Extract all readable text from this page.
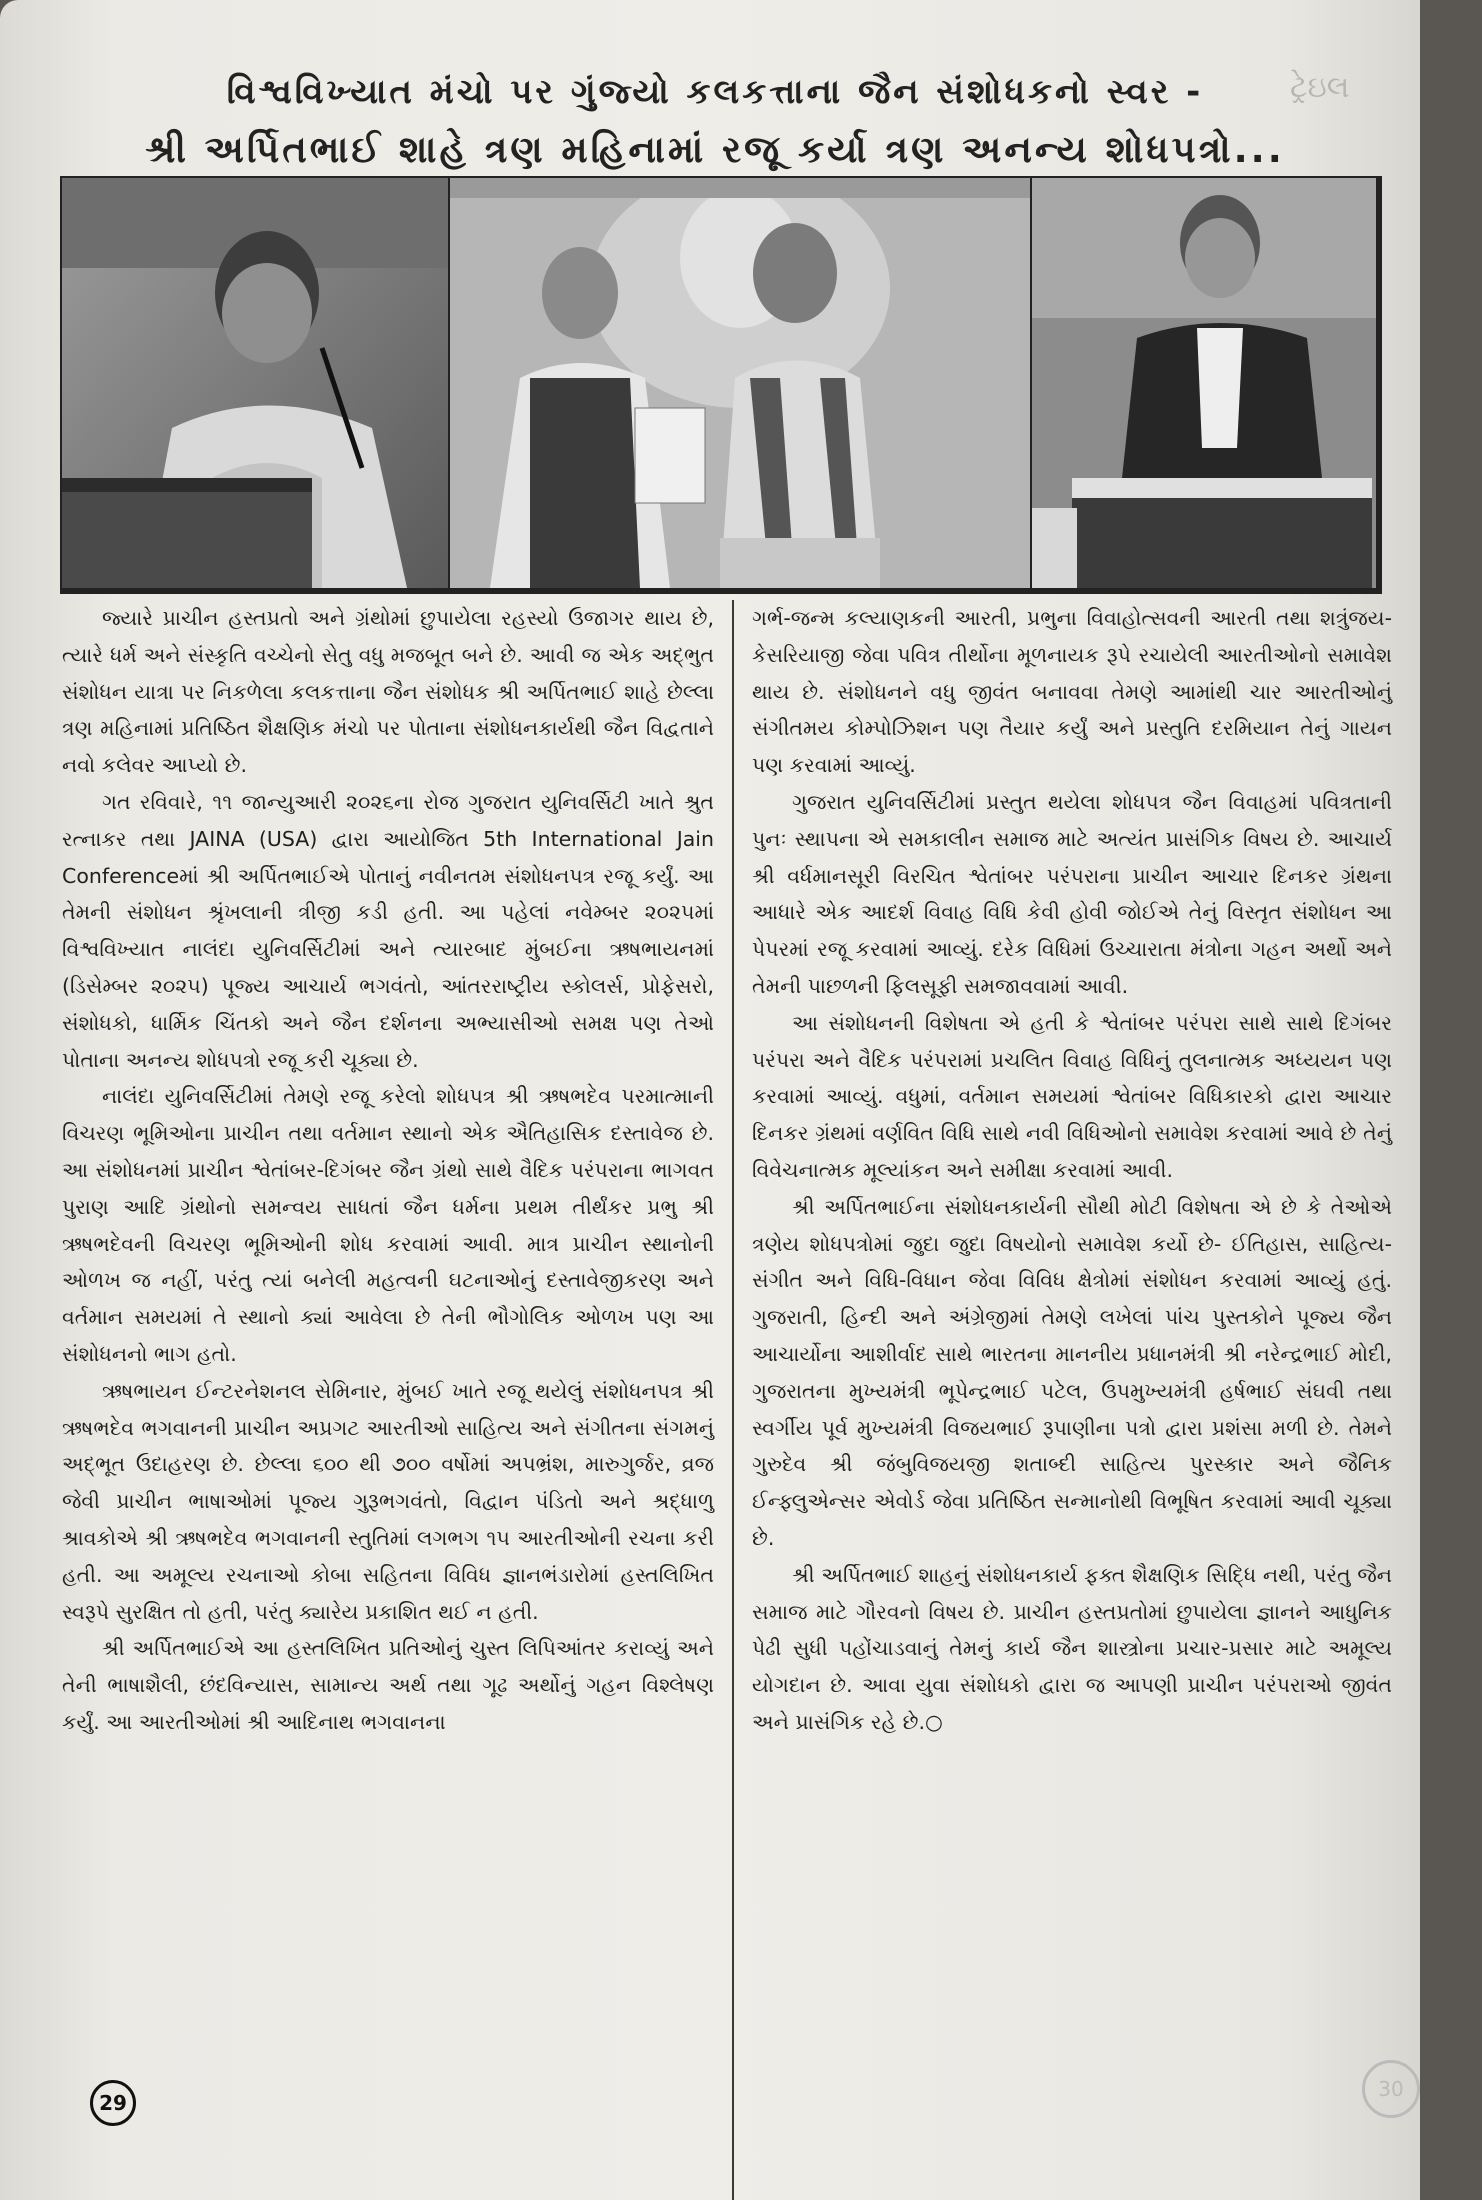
ટ્રેઇલ
વિશ્વવિખ્યાત મંચો પર ગુંજ્યો કલકત્તાના જૈન સંશોધકનો સ્વર -
શ્રી અર્પિતભાઈ શાહે ત્રણ મહિનામાં રજૂ કર્યા ત્રણ અનન્ય શોધપત્રો...

જ્યારે પ્રાચીન હસ્તપ્રતો અને ગ્રંથોમાં છુપાયેલા રહસ્યો ઉજાગર થાય છે, ત્યારે ધર્મ અને સંસ્કૃતિ વચ્ચેનો સેતુ વધુ મજબૂત બને છે. આવી જ એક અદ્ભુત સંશોધન યાત્રા પર નિકળેલા કલકત્તાના જૈન સંશોધક શ્રી અર્પિતભાઈ શાહે છેલ્લા ત્રણ મહિનામાં પ્રતિષ્ઠિત શૈક્ષણિક મંચો પર પોતાના સંશોધનકાર્યથી જૈન વિદ્વતાને નવો કલેવર આપ્યો છે.

ગત રવિવારે, ૧૧ જાન્યુઆરી ૨૦૨૬ના રોજ ગુજરાત યુનિવર્સિટી ખાતે શ્રુત રત્નાકર તથા JAINA (USA) દ્વારા આયોજિત 5th International Jain Conferenceમાં શ્રી અર્પિતભાઈએ પોતાનું નવીનતમ સંશોધનપત્ર રજૂ કર્યું. આ તેમની સંશોધન શ્રૃંખલાની ત્રીજી કડી હતી. આ પહેલાં નવેમ્બર ૨૦૨૫માં વિશ્વવિખ્યાત નાલંદા યુનિવર્સિટીમાં અને ત્યારબાદ મુંબઈના ઋષભાયનમાં (ડિસેમ્બર ૨૦૨૫) પૂજ્ય આચાર્ય ભગવંતો, આંતરરાષ્ટ્રીય સ્કોલર્સ, પ્રોફેસરો, સંશોધકો, ધાર્મિક ચિંતકો અને જૈન દર્શનના અભ્યાસીઓ સમક્ષ પણ તેઓ પોતાના અનન્ય શોધપત્રો રજૂ કરી ચૂક્યા છે.

નાલંદા યુનિવર્સિટીમાં તેમણે રજૂ કરેલો શોધપત્ર શ્રી ઋષભદેવ પરમાત્માની વિચરણ ભૂમિઓના પ્રાચીન તથા વર્તમાન સ્થાનો એક ઐતિહાસિક દસ્તાવેજ છે. આ સંશોધનમાં પ્રાચીન શ્વેતાંબર-દિગંબર જૈન ગ્રંથો સાથે વૈદિક પરંપરાના ભાગવત પુરાણ આદિ ગ્રંથોનો સમન્વય સાધતાં જૈન ધર્મના પ્રથમ તીર્થંકર પ્રભુ શ્રી ઋષભદેવની વિચરણ ભૂમિઓની શોધ કરવામાં આવી. માત્ર પ્રાચીન સ્થાનોની ઓળખ જ નહીં, પરંતુ ત્યાં બનેલી મહત્વની ઘટનાઓનું દસ્તાવેજીકરણ અને વર્તમાન સમયમાં તે સ્થાનો ક્યાં આવેલા છે તેની ભૌગોલિક ઓળખ પણ આ સંશોધનનો ભાગ હતો.

ઋષભાયન ઈન્ટરનેશનલ સેમિનાર, મુંબઈ ખાતે રજૂ થયેલું સંશોધનપત્ર શ્રી ઋષભદેવ ભગવાનની પ્રાચીન અપ્રગટ આરતીઓ સાહિત્ય અને સંગીતના સંગમનું અદ્ભૂત ઉદાહરણ છે. છેલ્લા ૬૦૦ થી ૭૦૦ વર્ષોમાં અપભ્રંશ, મારુગુર્જર, વ્રજ જેવી પ્રાચીન ભાષાઓમાં પૂજ્ય ગુરૂભગવંતો, વિદ્વાન પંડિતો અને શ્રદ્ધાળુ શ્રાવકોએ શ્રી ઋષભદેવ ભગવાનની સ્તુતિમાં લગભગ ૧૫ આરતીઓની રચના કરી હતી. આ અમૂલ્ય રચનાઓ કોબા સહિતના વિવિધ જ્ઞાનભંડારોમાં હસ્તલિખિત સ્વરૂપે સુરક્ષિત તો હતી, પરંતુ ક્યારેય પ્રકાશિત થઈ ન હતી.

શ્રી અર્પિતભાઈએ આ હસ્તલિખિત પ્રતિઓનું ચુસ્ત લિપિઆંતર કરાવ્યું અને તેની ભાષાશૈલી, છંદવિન્યાસ, સામાન્ય અર્થ તથા ગૂઢ અર્થોનું ગહન વિશ્લેષણ કર્યું. આ આરતીઓમાં શ્રી આદિનાથ ભગવાનના

ગર્ભ-જન્મ કલ્યાણકની આરતી, પ્રભુના વિવાહોત્સવની આરતી તથા શત્રુંજય-કેસરિયાજી જેવા પવિત્ર તીર્થોના મૂળનાયક રૂપે રચાયેલી આરતીઓનો સમાવેશ થાય છે. સંશોધનને વધુ જીવંત બનાવવા તેમણે આમાંથી ચાર આરતીઓનું સંગીતમય કોમ્પોઝિશન પણ તૈયાર કર્યું અને પ્રસ્તુતિ દરમિયાન તેનું ગાયન પણ કરવામાં આવ્યું.

ગુજરાત યુનિવર્સિટીમાં પ્રસ્તુત થયેલા શોધપત્ર જૈન વિવાહમાં પવિત્રતાની પુનઃ સ્થાપના એ સમકાલીન સમાજ માટે અત્યંત પ્રાસંગિક વિષય છે. આચાર્ય શ્રી વર્ધમાનસૂરી વિરચિત શ્વેતાંબર પરંપરાના પ્રાચીન આચાર દિનકર ગ્રંથના આધારે એક આદર્શ વિવાહ વિધિ કેવી હોવી જોઈએ તેનું વિસ્તૃત સંશોધન આ પેપરમાં રજૂ કરવામાં આવ્યું. દરેક વિધિમાં ઉચ્ચારાતા મંત્રોના ગહન અર્થો અને તેમની પાછળની ફિલસૂફી સમજાવવામાં આવી.

આ સંશોધનની વિશેષતા એ હતી કે શ્વેતાંબર પરંપરા સાથે સાથે દિગંબર પરંપરા અને વૈદિક પરંપરામાં પ્રચલિત વિવાહ વિધિનું તુલનાત્મક અધ્યયન પણ કરવામાં આવ્યું. વધુમાં, વર્તમાન સમયમાં શ્વેતાંબર વિધિકારકો દ્વારા આચાર દિનકર ગ્રંથમાં વર્ણવિત વિધિ સાથે નવી વિધિઓનો સમાવેશ કરવામાં આવે છે તેનું વિવેચનાત્મક મૂલ્યાંકન અને સમીક્ષા કરવામાં આવી.

શ્રી અર્પિતભાઈના સંશોધનકાર્યની સૌથી મોટી વિશેષતા એ છે કે તેઓએ ત્રણેય શોધપત્રોમાં જુદા જુદા વિષયોનો સમાવેશ કર્યો છે- ઈતિહાસ, સાહિત્ય-સંગીત અને વિધિ-વિધાન જેવા વિવિધ ક્ષેત્રોમાં સંશોધન કરવામાં આવ્યું હતું. ગુજરાતી, હિન્દી અને અંગ્રેજીમાં તેમણે લખેલાં પાંચ પુસ્તકોને પૂજ્ય જૈન આચાર્યોના આશીર્વાદ સાથે ભારતના માનનીય પ્રધાનમંત્રી શ્રી નરેન્દ્રભાઈ મોદી, ગુજરાતના મુખ્યમંત્રી ભૂપેન્દ્રભાઈ પટેલ, ઉપમુખ્યમંત્રી હર્ષભાઈ સંઘવી તથા સ્વર્ગીય પૂર્વ મુખ્યમંત્રી વિજયભાઈ રૂપાણીના પત્રો દ્વારા પ્રશંસા મળી છે. તેમને ગુરુદેવ શ્રી જંબુવિજયજી શતાબ્દી સાહિત્ય પુરસ્કાર અને જૈનિક ઈન્ફ્લુએન્સર એવોર્ડ જેવા પ્રતિષ્ઠિત સન્માનોથી વિભૂષિત કરવામાં આવી ચૂક્યા છે.

શ્રી અર્પિતભાઈ શાહનું સંશોધનકાર્ય ફક્ત શૈક્ષણિક સિદ્ધિ નથી, પરંતુ જૈન સમાજ માટે ગૌરવનો વિષય છે. પ્રાચીન હસ્તપ્રતોમાં છુપાયેલા જ્ઞાનને આધુનિક પેઢી સુધી પહોંચાડવાનું તેમનું કાર્ય જૈન શાસ્ત્રોના પ્રચાર-પ્રસાર માટે અમૂલ્ય યોગદાન છે. આવા યુવા સંશોધકો દ્વારા જ આપણી પ્રાચીન પરંપરાઓ જીવંત અને પ્રાસંગિક રહે છે.○

29
30
